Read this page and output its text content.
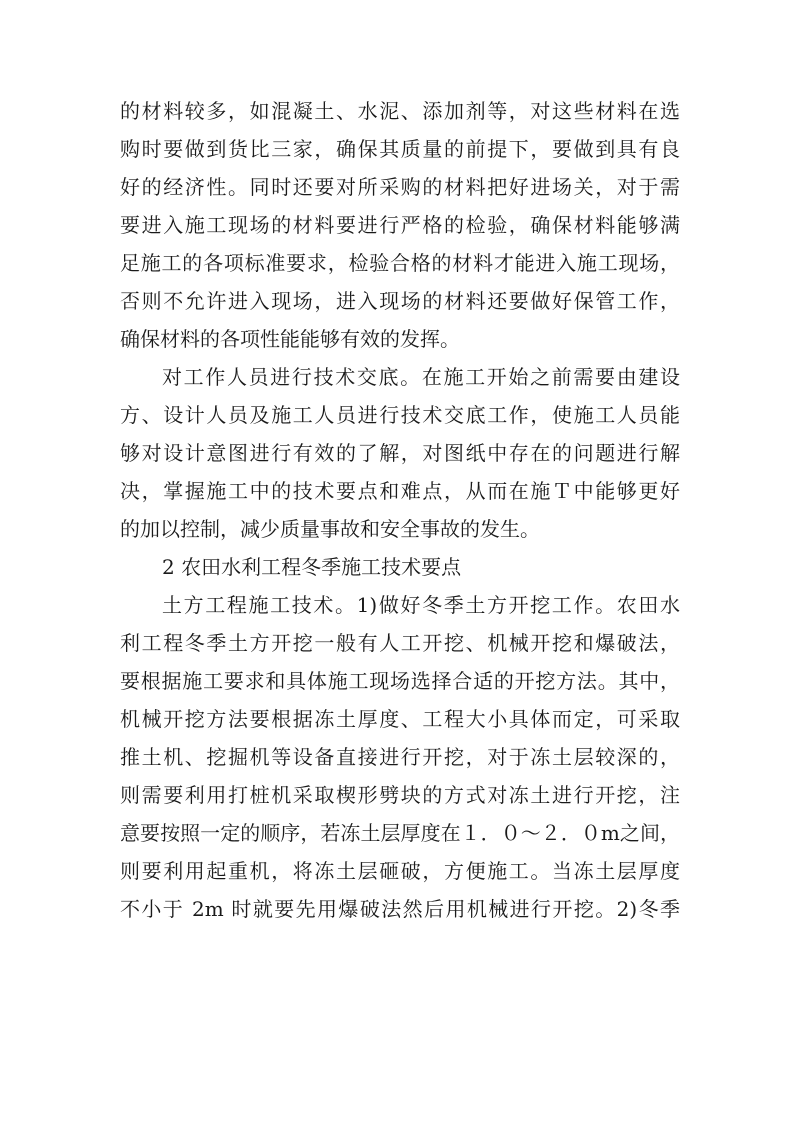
的材料较多，如混凝土、水泥、添加剂等，对这些材料在选
购时要做到货比三家，确保其质量的前提下，要做到具有良
好的经济性。同时还要对所采购的材料把好进场关，对于需
要进入施工现场的材料要进行严格的检验，确保材料能够满
足施工的各项标准要求，检验合格的材料才能进入施工现场，
否则不允许进入现场，进入现场的材料还要做好保管工作，
确保材料的各项性能能够有效的发挥。
对工作人员进行技术交底。在施工开始之前需要由建设
方、设计人员及施工人员进行技术交底工作，使施工人员能
够对设计意图进行有效的了解，对图纸中存在的问题进行解
决，掌握施工中的技术要点和难点，从而在施Ｔ中能够更好
的加以控制，减少质量事故和安全事故的发生。
2 农田水利工程冬季施工技术要点
土方工程施工技术。1)做好冬季土方开挖工作。农田水
利工程冬季土方开挖一般有人工开挖、机械开挖和爆破法，
要根据施工要求和具体施工现场选择合适的开挖方法。其中，
机械开挖方法要根据冻土厚度、工程大小具体而定，可采取
推土机、挖掘机等设备直接进行开挖，对于冻土层较深的，
则需要利用打桩机采取楔形劈块的方式对冻土进行开挖，注
意要按照一定的顺序，若冻土层厚度在１．０～２．０m之间，
则要利用起重机，将冻土层砸破，方便施工。当冻土层厚度
不小于 2m 时就要先用爆破法然后用机械进行开挖。2)冬季
